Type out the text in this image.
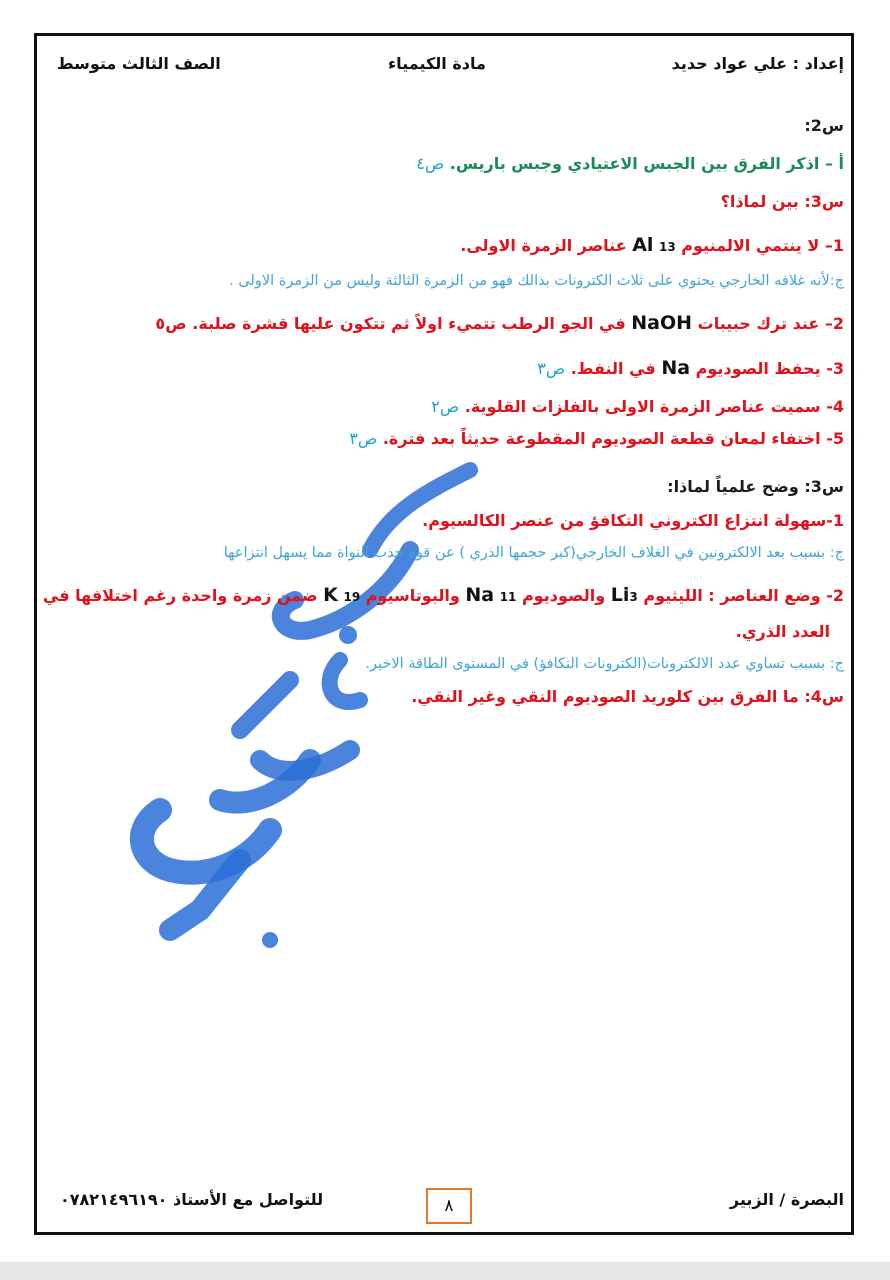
إعداد : علي عواد حديد
مادة الكيمياء
الصف الثالث متوسط
س2:
أ – اذكر الفرق بين الجبس الاعتيادي وجبس باريس. ص٤
س3: بين لماذا؟
1– لا ينتمي الالمنيوم Al 13 عناصر الزمرة الاولى.
ج:لأنه غلافه الخارجي يحتوي على ثلاث الكترونات بذالك فهو من الزمرة الثالثة وليس من الزمرة الاولى .
2– عند ترك حبيبات NaOH في الجو الرطب تتميء اولاً ثم تتكون عليها قشرة صلبة. ص٥
3- يحفظ الصوديوم Na في النفط. ص٣
4- سميت عناصر الزمرة الاولى بالفلزات القلوية. ص٢
5- اختفاء لمعان قطعة الصوديوم المقطوعة حديثاً بعد فترة. ص٣
س3: وضح علمياً لماذا:
1-سهولة انتزاع الكتروني التكافؤ من عنصر الكالسيوم.
ج: بسبب بعد الالكترونين في الغلاف الخارجي(كبر حجمها الذري ) عن قوة جذب النواة مما يسهل انتزاعها
2- وضع العناصر : الليثيوم Li3 والصوديوم Na 11 والبوتاسيوم K 19 ضمن زمرة واحدة رغم اختلافها في
العدد الذري.
ج: بسبب تساوي عدد الالكترونات(الكترونات التكافؤ) في المستوى الطاقة الاخير.
س4: ما الفرق بين كلوريد الصوديوم النقي وغير النقي.
البصرة / الزبير
٨
للتواصل مع الأستاذ ٠٧٨٢١٤٩٦١٩٠
